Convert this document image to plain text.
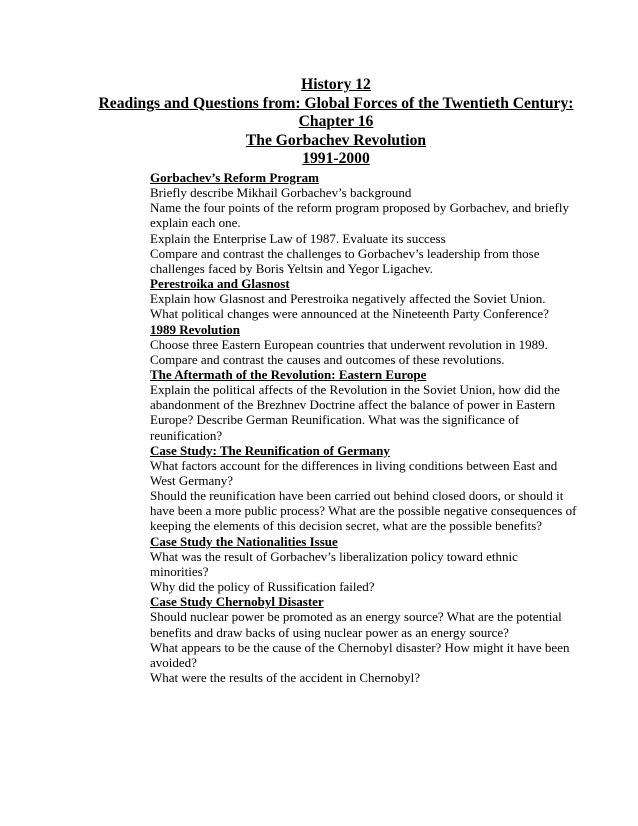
History 12
Readings and Questions from: Global Forces of the Twentieth Century:
Chapter 16
The Gorbachev Revolution
1991-2000
Gorbachev’s Reform Program
Briefly describe Mikhail Gorbachev’s background
Name the four points of the reform program proposed by Gorbachev, and briefly
explain each one.
Explain the Enterprise Law of 1987. Evaluate its success
Compare and contrast the challenges to Gorbachev’s leadership from those
challenges faced by Boris Yeltsin and Yegor Ligachev.
Perestroika and Glasnost
Explain how Glasnost and Perestroika negatively affected the Soviet Union.
What political changes were announced at the Nineteenth Party Conference?
1989 Revolution
Choose three Eastern European countries that underwent revolution in 1989.
Compare and contrast the causes and outcomes of these revolutions.
The Aftermath of the Revolution: Eastern Europe
Explain the political affects of the Revolution in the Soviet Union, how did the
abandonment of the Brezhnev Doctrine affect the balance of power in Eastern
Europe? Describe German Reunification. What was the significance of
reunification?
Case Study: The Reunification of Germany
What factors account for the differences in living conditions between East and
West Germany?
Should the reunification have been carried out behind closed doors, or should it
have been a more public process? What are the possible negative consequences of
keeping the elements of this decision secret, what are the possible benefits?
Case Study the Nationalities Issue
What was the result of Gorbachev’s liberalization policy toward ethnic
minorities?
Why did the policy of Russification failed?
Case Study Chernobyl Disaster
Should nuclear power be promoted as an energy source? What are the potential
benefits and draw backs of using nuclear power as an energy source?
What appears to be the cause of the Chernobyl disaster? How might it have been
avoided?
What were the results of the accident in Chernobyl?
